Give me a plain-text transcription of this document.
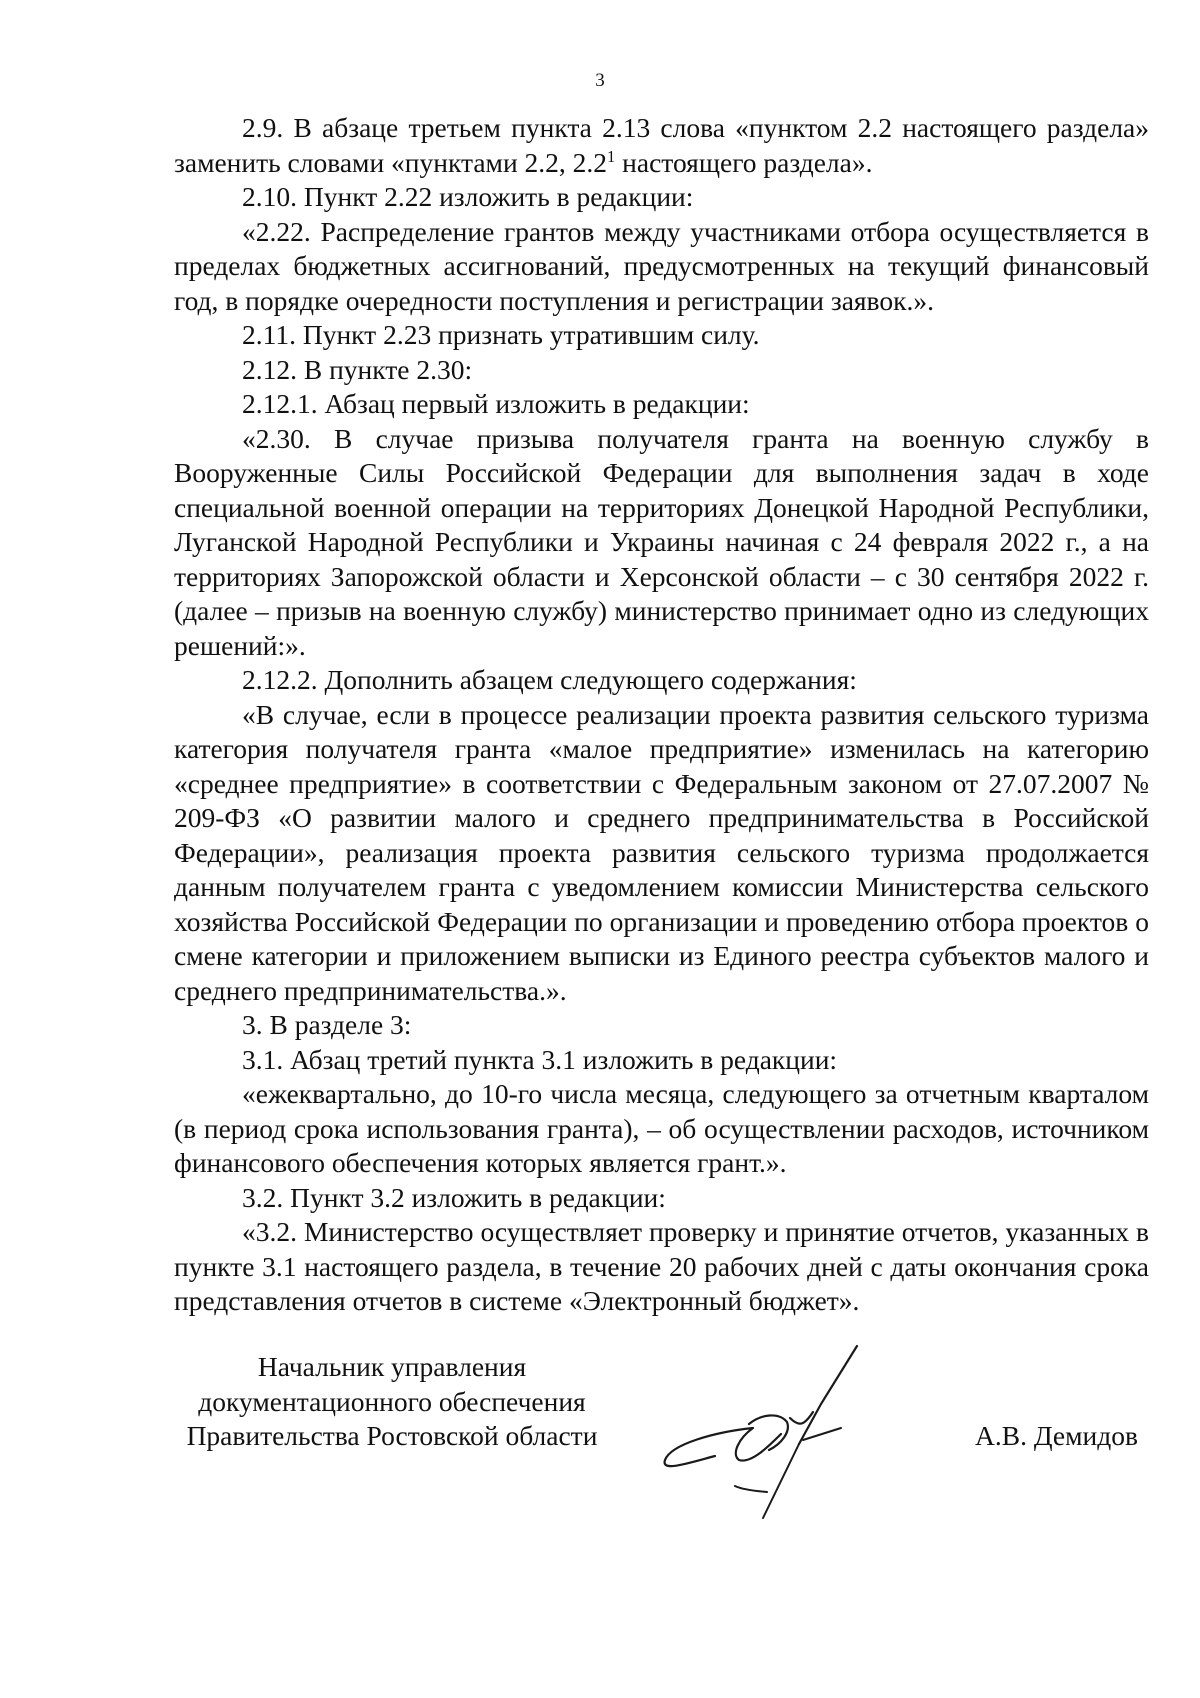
3

2.9. В абзаце третьем пункта 2.13 слова «пунктом 2.2 настоящего раздела» заменить словами «пунктами 2.2, $2.2^1$ настоящего раздела».

2.10. Пункт 2.22 изложить в редакции:

«2.22. Распределение грантов между участниками отбора осуществляется в пределах бюджетных ассигнований, предусмотренных на текущий финансовый год, в порядке очередности поступления и регистрации заявок.».

2.11. Пункт 2.23 признать утратившим силу.

2.12. В пункте 2.30:

2.12.1. Абзац первый изложить в редакции:

«2.30. В случае призыва получателя гранта на военную службу в Вооруженные Силы Российской Федерации для выполнения задач в ходе специальной военной операции на территориях Донецкой Народной Республики, Луганской Народной Республики и Украины начиная с 24 февраля 2022 г., а на территориях Запорожской области и Херсонской области – с 30 сентября 2022 г. (далее – призыв на военную службу) министерство принимает одно из следующих решений:».

2.12.2. Дополнить абзацем следующего содержания:

«В случае, если в процессе реализации проекта развития сельского туризма категория получателя гранта «малое предприятие» изменилась на категорию «среднее предприятие» в соответствии с Федеральным законом от 27.07.2007 № 209-ФЗ «О развитии малого и среднего предпринимательства в Российской Федерации», реализация проекта развития сельского туризма продолжается данным получателем гранта с уведомлением комиссии Министерства сельского хозяйства Российской Федерации по организации и проведению отбора проектов о смене категории и приложением выписки из Единого реестра субъектов малого и среднего предпринимательства.».

3. В разделе 3:

3.1. Абзац третий пункта 3.1 изложить в редакции:

«ежеквартально, до 10-го числа месяца, следующего за отчетным кварталом (в период срока использования гранта), – об осуществлении расходов, источником финансового обеспечения которых является грант.».

3.2. Пункт 3.2 изложить в редакции:

«3.2. Министерство осуществляет проверку и принятие отчетов, указанных в пункте 3.1 настоящего раздела, в течение 20 рабочих дней с даты окончания срока представления отчетов в системе «Электронный бюджет».

Начальник управления
документационного обеспечения
Правительства Ростовской области	А.В. Демидов
